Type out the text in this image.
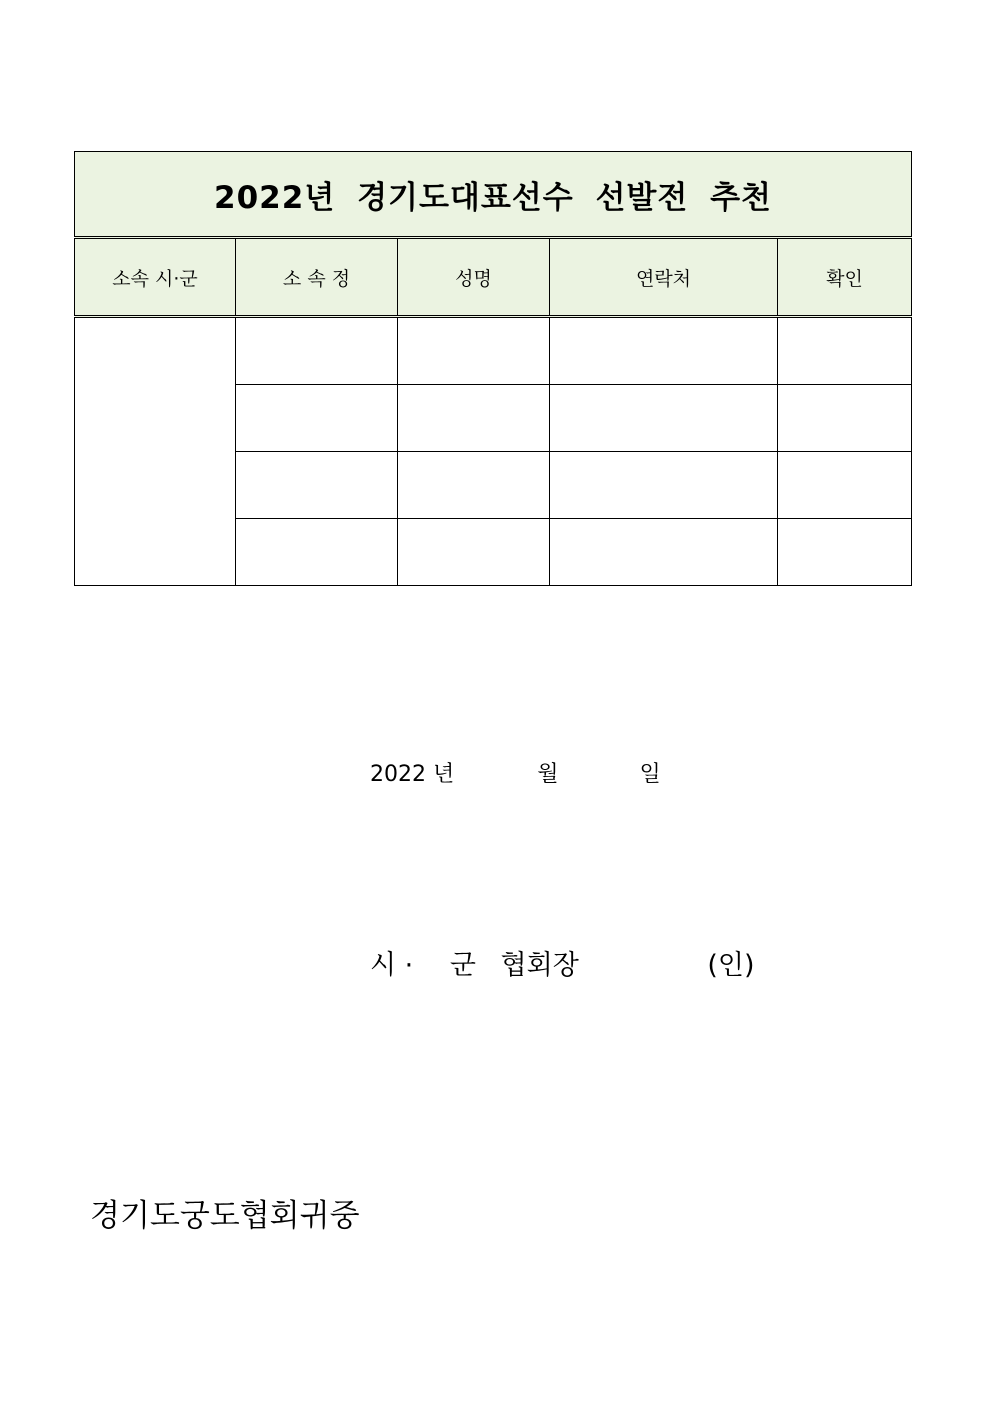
2022년 경기도대표선수 선발전 추천				
소속 시·군	소 속 정	성명	연락처	확인

2022 년	월	일
시 · 군 협회장	(인)
경기도궁도협회귀중
